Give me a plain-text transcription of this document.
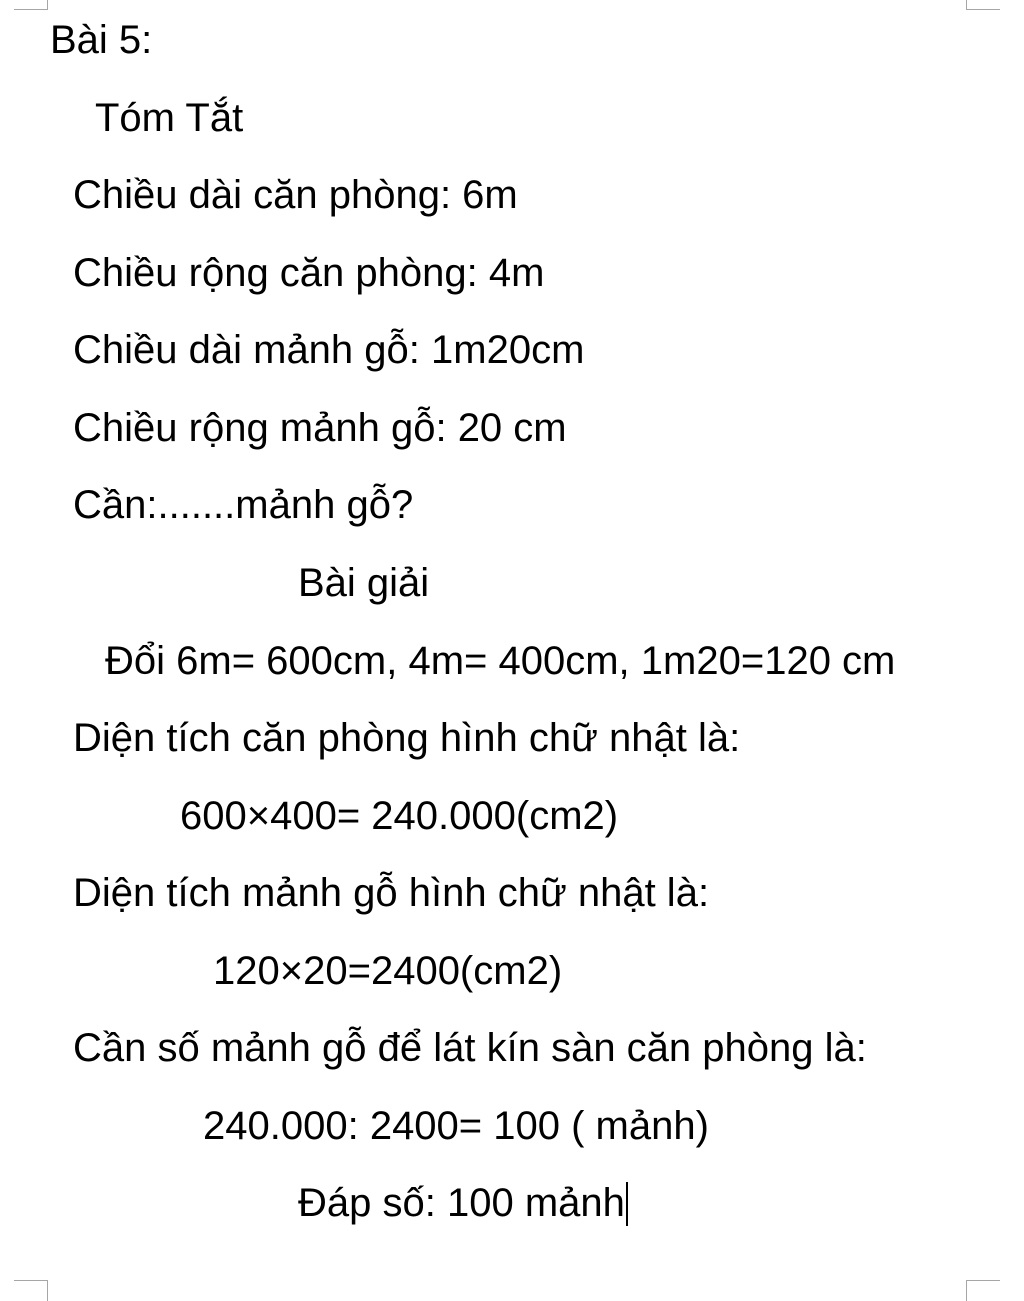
Bài 5:
Tóm Tắt
Chiều dài căn phòng: 6m
Chiều rộng căn phòng: 4m
Chiều dài mảnh gỗ: 1m20cm
Chiều rộng mảnh gỗ: 20 cm
Cần:.......mảnh gỗ?
Bài giải
Đổi 6m= 600cm, 4m= 400cm, 1m20=120 cm
Diện tích căn phòng hình chữ nhật là:
600×400= 240.000(cm2)
Diện tích mảnh gỗ hình chữ nhật là:
120×20=2400(cm2)
Cần số mảnh gỗ để lát kín sàn căn phòng là:
240.000: 2400= 100 ( mảnh)
Đáp số: 100 mảnh
